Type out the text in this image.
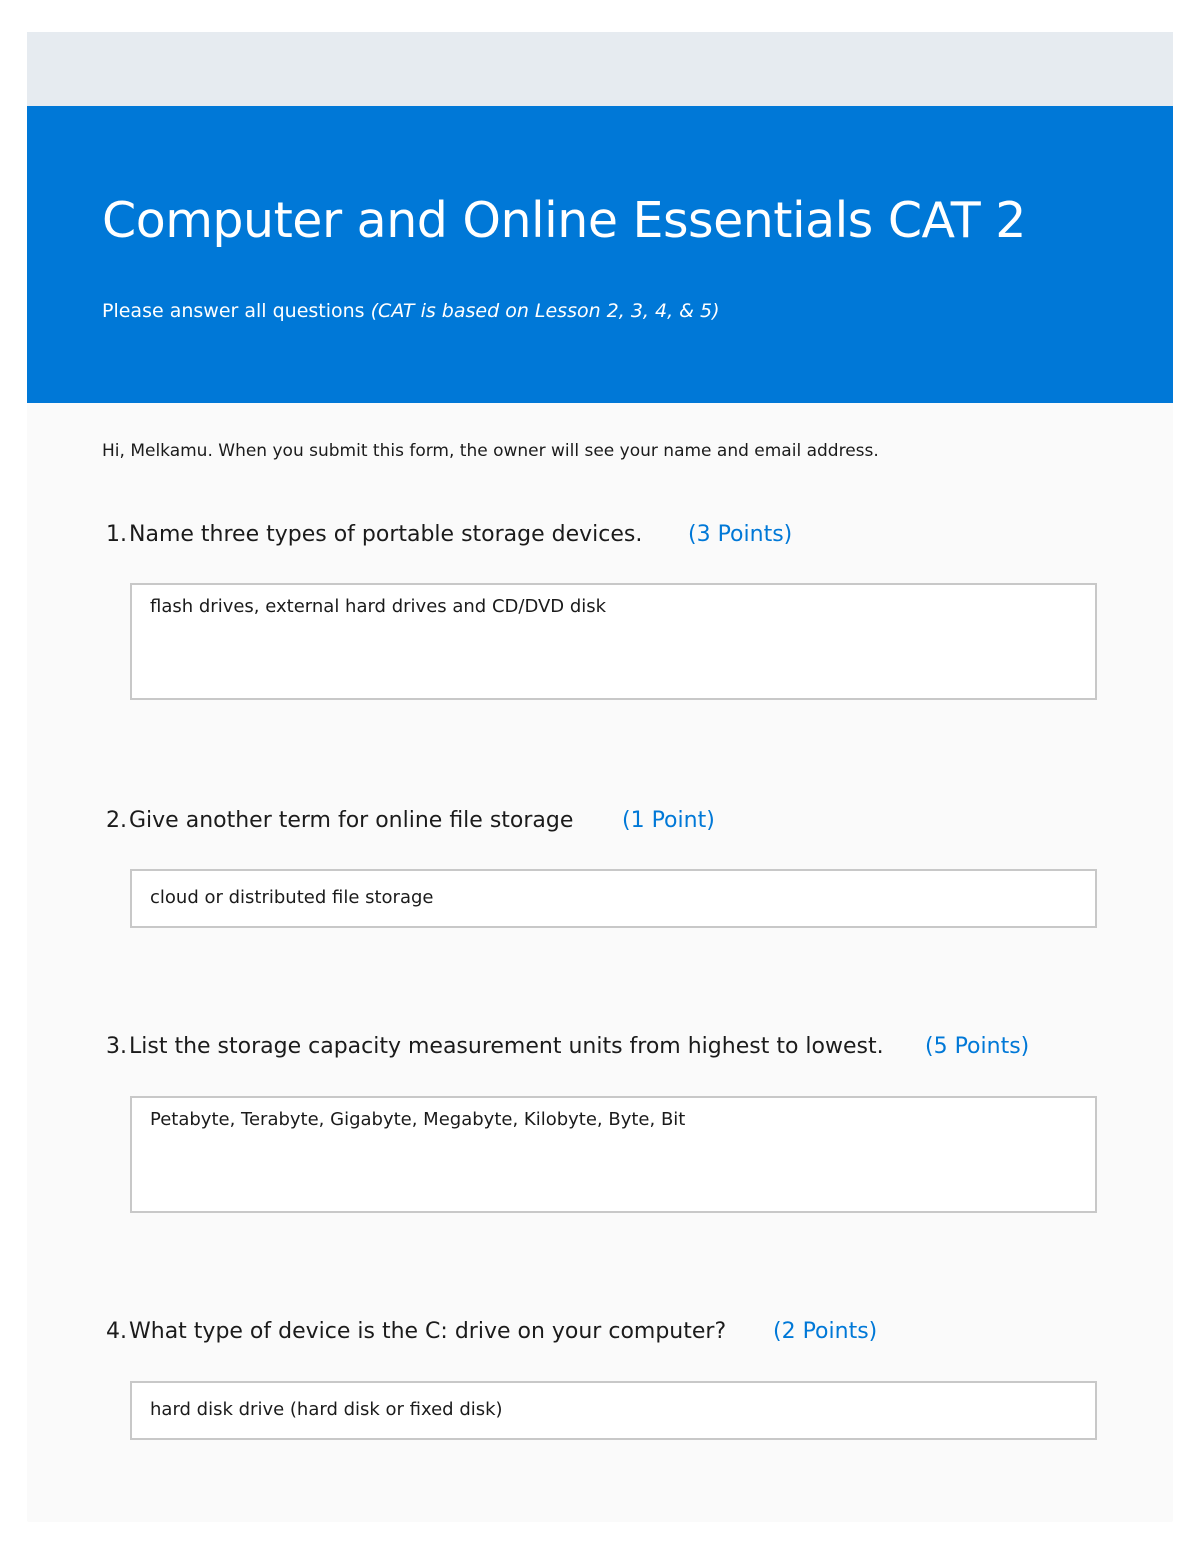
Computer and Online Essentials CAT 2
Please answer all questions (CAT is based on Lesson 2, 3, 4, & 5)
Hi, Melkamu. When you submit this form, the owner will see your name and email address.
1.Name three types of portable storage devices. (3 Points)
flash drives, external hard drives and CD/DVD disk
2.Give another term for online file storage (1 Point)
cloud or distributed file storage
3.List the storage capacity measurement units from highest to lowest. (5 Points)
Petabyte, Terabyte, Gigabyte, Megabyte, Kilobyte, Byte, Bit
4.What type of device is the C: drive on your computer? (2 Points)
hard disk drive (hard disk or fixed disk)
